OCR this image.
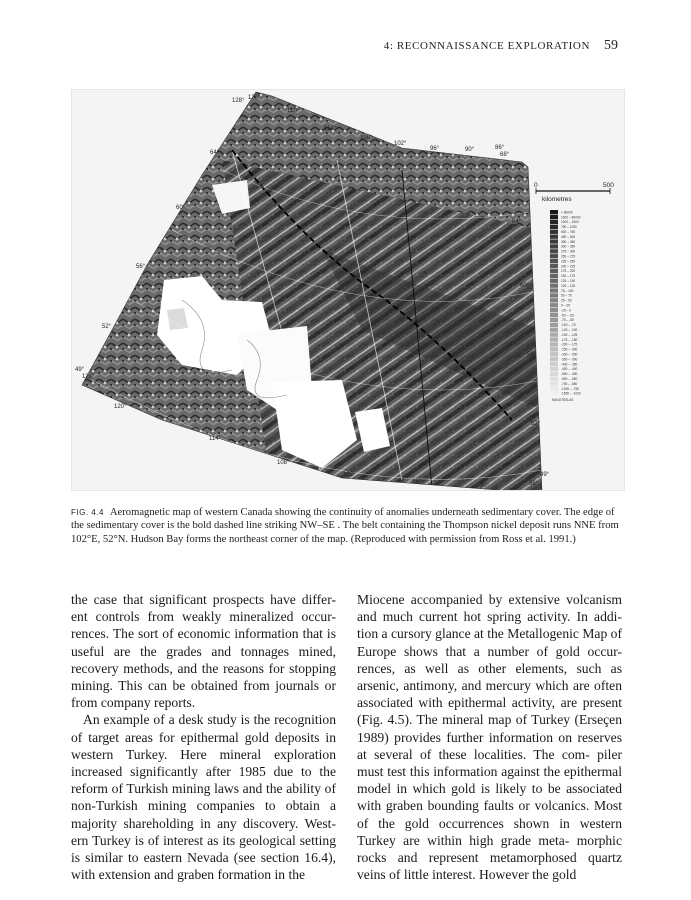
4: RECONNAISSANCE EXPLORATION 59
128° 126°
120°
114°
108°
102°
96°	90°	86°
68°
64°
60°
56°
52°
49°
128°
64°
60°
56°
52°
49°
120°
114°
108°
102°
96°
90°	86°
0	500
kilometres
+ 80000
1600 – 80000
1000 – 1600
750 – 1000
600 – 750
450 – 600
350 – 450
300 – 350
275 – 300
250 – 275
225 – 250
200 – 225
175 – 200
150 – 175
125 – 150
100 – 125
75 – 100
50 – 75
25 – 50
0 – 25
-25 – 0
-50 – -25
-75 – -50
-100 – -75
-125 – -100
-150 – -125
-175 – -150
-200 – -175
-250 – -200
-300 – -250
-350 – -300
-400 – -350
-450 – -400
-550 – -450
-650 – -550
-750 – -650
-1000 – -750
-1560 – -1000
NANOTESLAS
FIG. 4.4 Aeromagnetic map of western Canada showing the continuity of anomalies underneath sedimentary cover. The edge of the sedimentary cover is the bold dashed line striking NW–SE . The belt containing the Thompson nickel deposit runs NNE from 102°E, 52°N. Hudson Bay forms the northeast corner of the map. (Reproduced with permission from Ross et al. 1991.)

the case that significant prospects have differ- ent controls from weakly mineralized occur- rences. The sort of economic information that is useful are the grades and tonnages mined, recovery methods, and the reasons for stopping mining. This can be obtained from journals or from company reports.

An example of a desk study is the recognition of target areas for epithermal gold deposits in western Turkey. Here mineral exploration increased significantly after 1985 due to the reform of Turkish mining laws and the ability of non-Turkish mining companies to obtain a majority shareholding in any discovery. West- ern Turkey is of interest as its geological setting is similar to eastern Nevada (see section 16.4), with extension and graben formation in the

Miocene accompanied by extensive volcanism and much current hot spring activity. In addi- tion a cursory glance at the Metallogenic Map of Europe shows that a number of gold occur- rences, as well as other elements, such as arsenic, antimony, and mercury which are often associated with epithermal activity, are present (Fig. 4.5). The mineral map of Turkey (Erseçen 1989) provides further information on reserves at several of these localities. The com- piler must test this information against the epithermal model in which gold is likely to be associated with graben bounding faults or volcanics. Most of the gold occurrences shown in western Turkey are within high grade meta- morphic rocks and represent metamorphosed quartz veins of little interest. However the gold
